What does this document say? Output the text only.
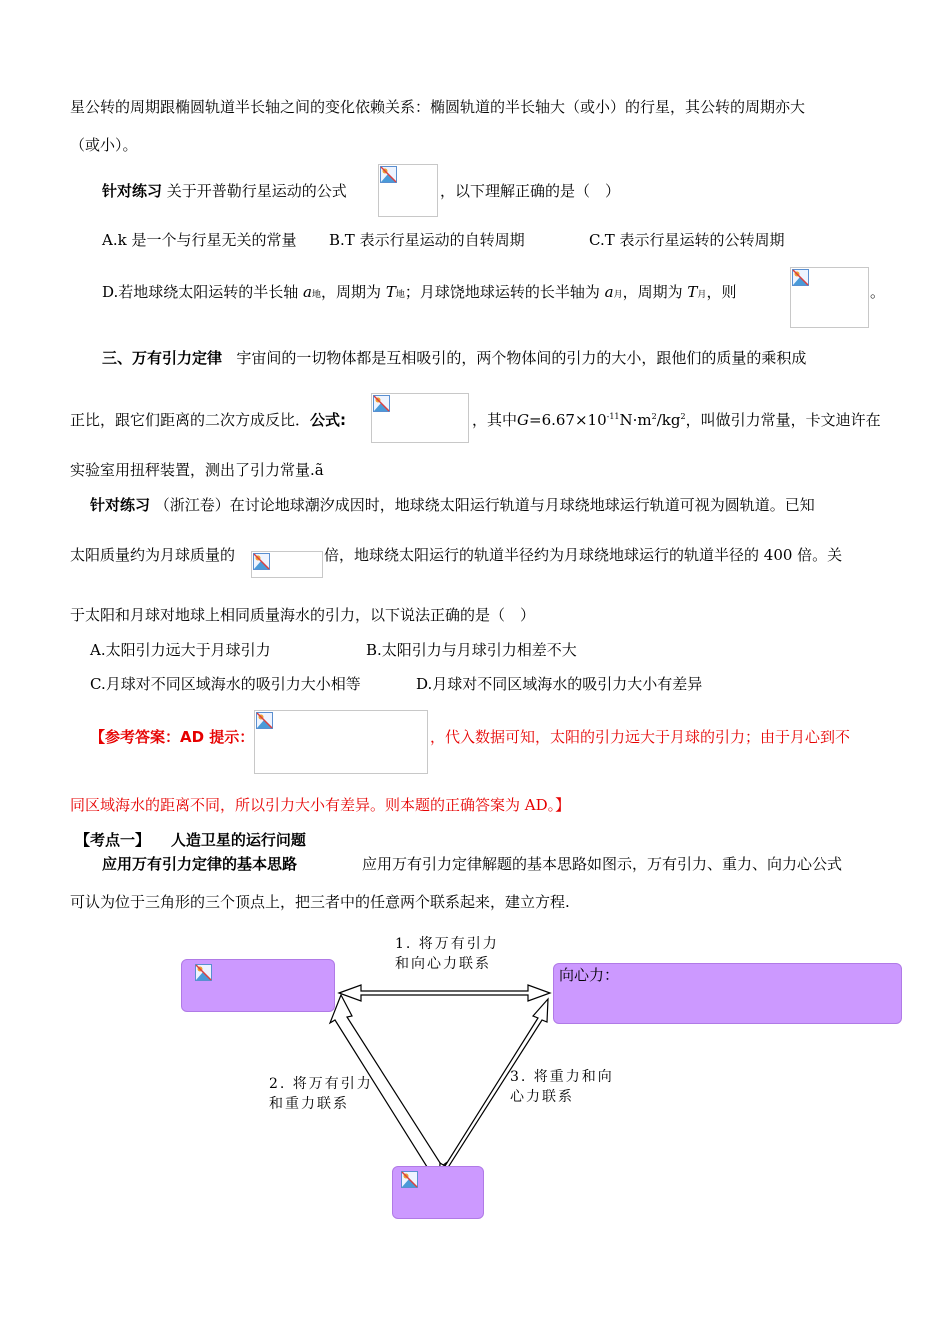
星公转的周期跟椭圆轨道半长轴之间的变化依赖关系：椭圆轨道的半长轴大（或小）的行星，其公转的周期亦大
（或小）。
针对练习 关于开普勒行星运动的公式	，以下理解正确的是（　）
A.k 是一个与行星无关的常量 B.T 表示行星运动的自转周期	C.T 表示行星运转的公转周期
D.若地球绕太阳运转的半长轴 a地，周期为 T地；月球饶地球运转的长半轴为 a月，周期为 T月，则	。
三、万有引力定律 宇宙间的一切物体都是互相吸引的，两个物体间的引力的大小，跟他们的质量的乘积成
正比，跟它们距离的二次方成反比．公式:	，其中$G=6.67\times 10^{-11}N\cdot m^2/kg^2$，叫做引力常量，卡文迪许在
实验室用扭秤装置，测出了引力常量.ã
针对练习 （浙江卷）在讨论地球潮汐成因时，地球绕太阳运行轨道与月球绕地球运行轨道可视为圆轨道。已知
太阳质量约为月球质量的	倍，地球绕太阳运行的轨道半径约为月球绕地球运行的轨道半径的 400 倍。关
于太阳和月球对地球上相同质量海水的引力，以下说法正确的是（　）
A.太阳引力远大于月球引力	B.太阳引力与月球引力相差不大
C.月球对不同区域海水的吸引力大小相等	D.月球对不同区域海水的吸引力大小有差异
【参考答案：AD 提示：	，代入数据可知，太阳的引力远大于月球的引力；由于月心到不
同区域海水的距离不同，所以引力大小有差异。则本题的正确答案为 AD。】
【考点一】 人造卫星的运行问题
应用万有引力定律的基本思路	应用万有引力定律解题的基本思路如图示，万有引力、重力、向力心公式
可认为位于三角形的三个顶点上，把三者中的任意两个联系起来，建立方程.
向心力：
1. 将万有引力
和向心力联系
2. 将万有引力
和重力联系
3. 将重力和向
心力联系
